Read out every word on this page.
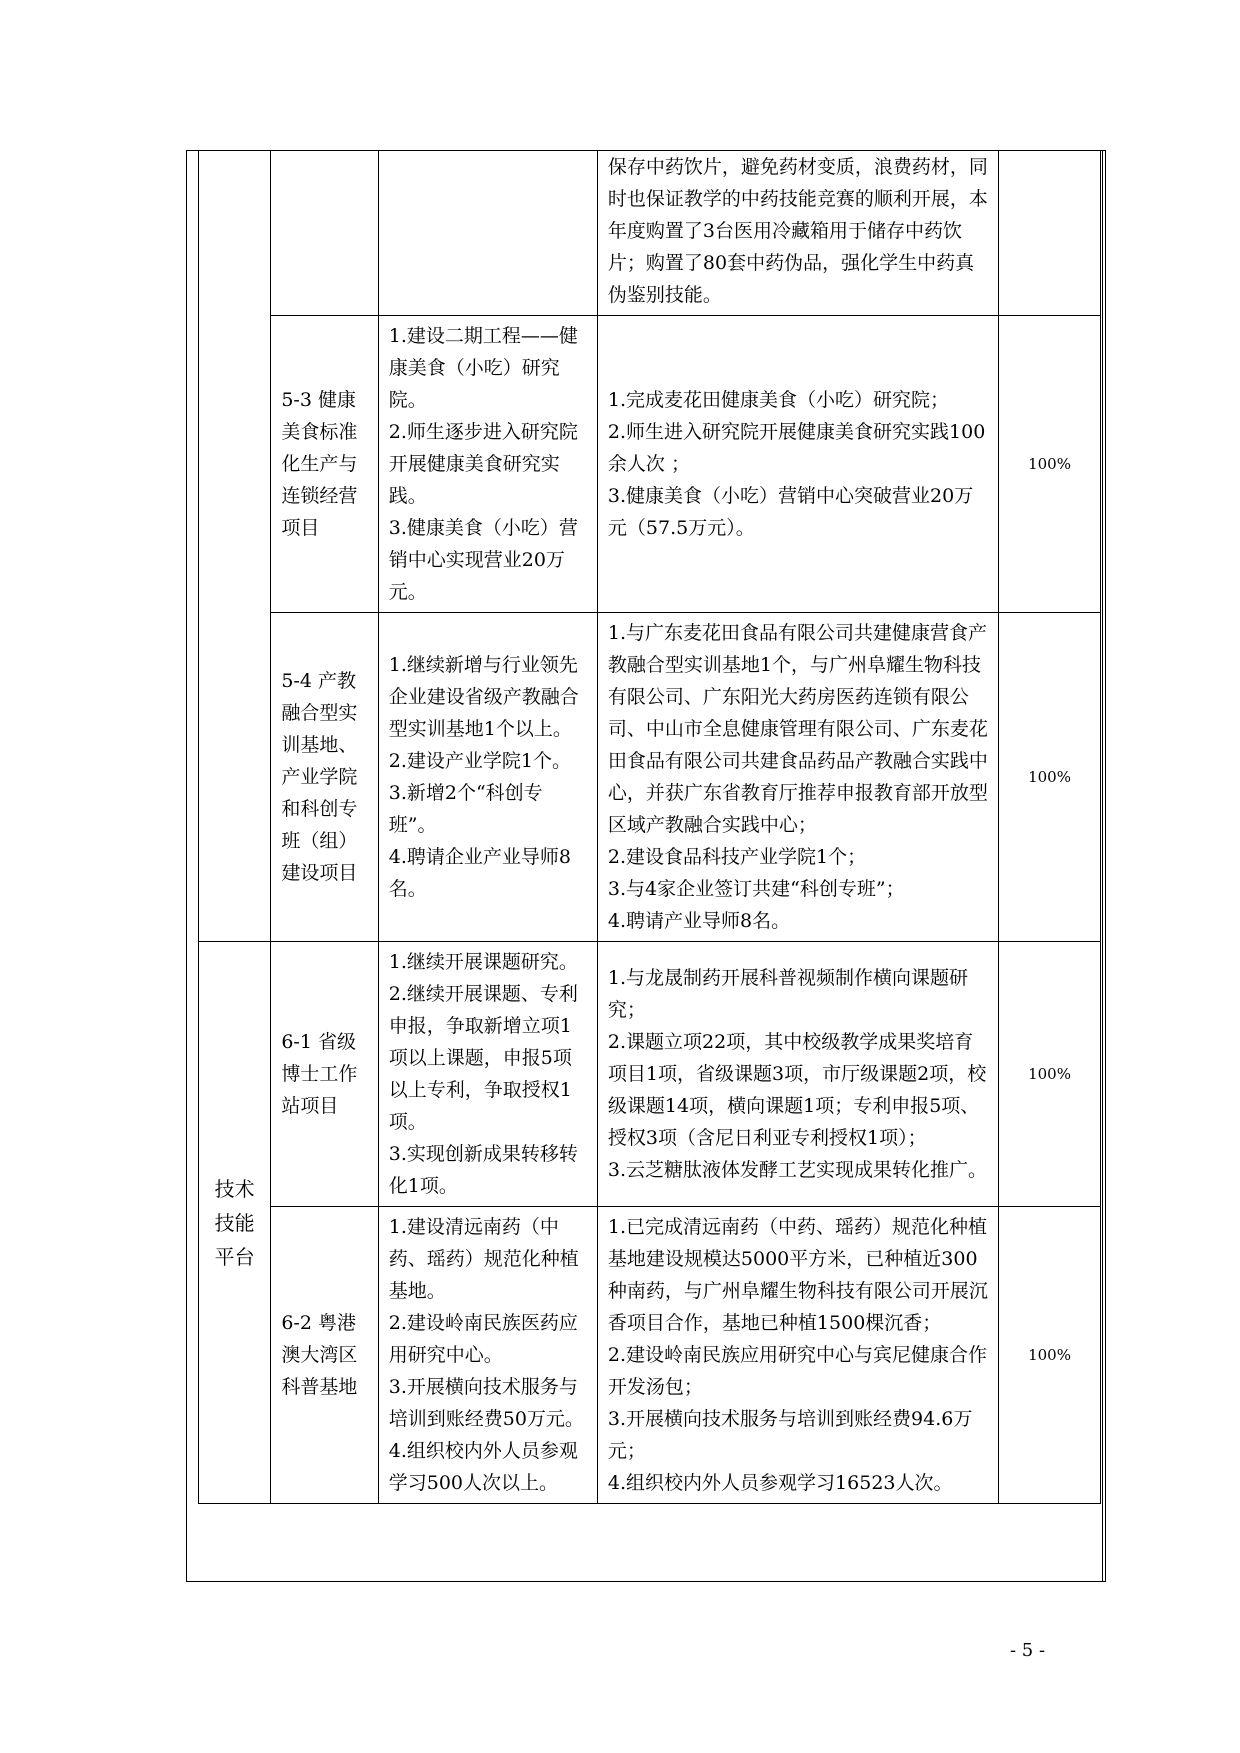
			保存中药饮片，避免药材变质，浪费药材，同时也保证教学的中药技能竞赛的顺利开展，本年度购置了3台医用冷藏箱用于储存中药饮片；购置了80套中药伪品，强化学生中药真伪鉴别技能。	
	5-3 健康美食标准化生产与连锁经营项目	1.建设二期工程——健康美食（小吃）研究院。
2.师生逐步进入研究院开展健康美食研究实践。
3.健康美食（小吃）营销中心实现营业20万元。	1.完成麦花田健康美食（小吃）研究院；
2.师生进入研究院开展健康美食研究实践100余人次 ；
3.健康美食（小吃）营销中心突破营业20万元（57.5万元）。	100%
	5-4 产教融合型实训基地、产业学院和科创专班（组）建设项目	1.继续新增与行业领先企业建设省级产教融合型实训基地1个以上。
2.建设产业学院1个。
3.新增2个“科创专班”。
4.聘请企业产业导师8名。	1.与广东麦花田食品有限公司共建健康营食产教融合型实训基地1个，与广州阜耀生物科技有限公司、广东阳光大药房医药连锁有限公司、中山市全息健康管理有限公司、广东麦花田食品有限公司共建食品药品产教融合实践中心，并获广东省教育厅推荐申报教育部开放型区域产教融合实践中心；
2.建设食品科技产业学院1个；
3.与4家企业签订共建“科创专班”；
4.聘请产业导师8名。	100%
技术技能平台	6-1 省级博士工作站项目	1.继续开展课题研究。
2.继续开展课题、专利申报，争取新增立项1项以上课题，申报5项以上专利，争取授权1项。
3.实现创新成果转移转化1项。	1.与龙晟制药开展科普视频制作横向课题研究；
2.课题立项22项，其中校级教学成果奖培育项目1项，省级课题3项，市厅级课题2项，校级课题14项，横向课题1项；专利申报5项、授权3项（含尼日利亚专利授权1项）；
3.云芝糖肽液体发酵工艺实现成果转化推广。	100%
	6-2 粤港澳大湾区科普基地	1.建设清远南药（中药、瑶药）规范化种植基地。
2.建设岭南民族医药应用研究中心。
3.开展横向技术服务与培训到账经费50万元。
4.组织校内外人员参观学习500人次以上。	1.已完成清远南药（中药、瑶药）规范化种植基地建设规模达5000平方米，已种植近300种南药，与广州阜耀生物科技有限公司开展沉香项目合作，基地已种植1500棵沉香；
2.建设岭南民族应用研究中心与宾尼健康合作开发汤包；
3.开展横向技术服务与培训到账经费94.6万元；
4.组织校内外人员参观学习16523人次。	100%
- 5 -
